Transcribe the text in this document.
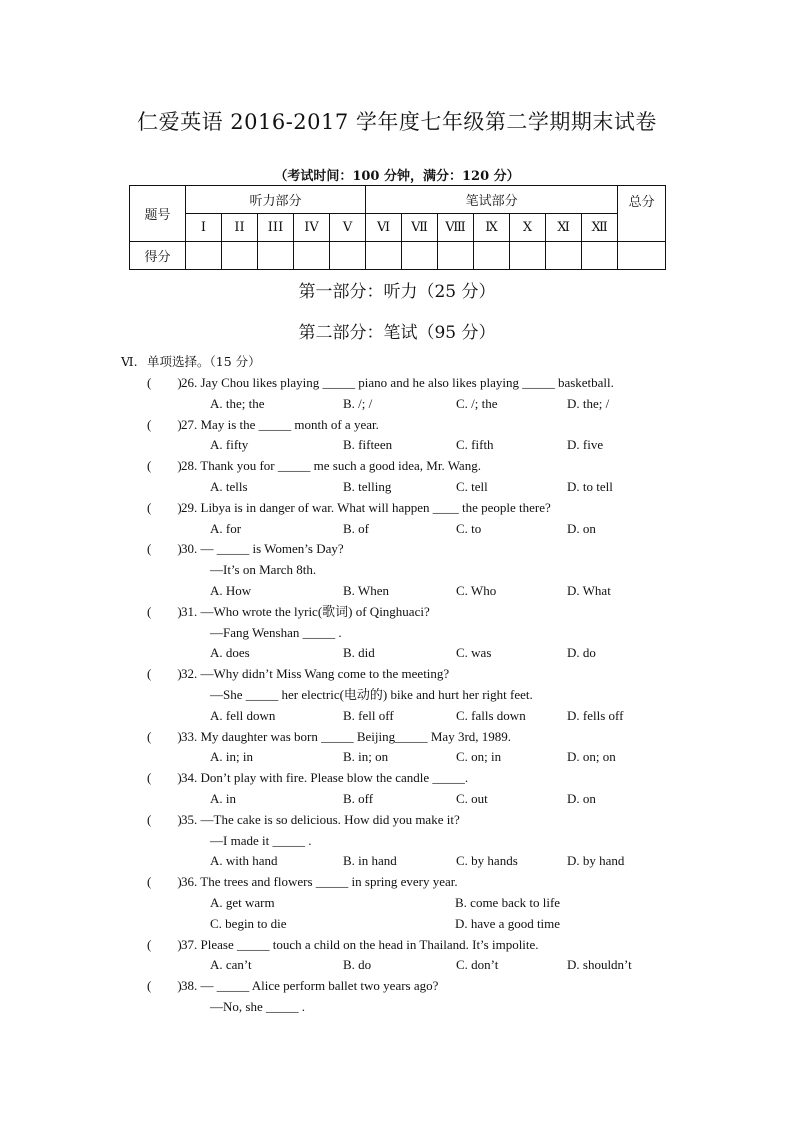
仁爱英语 2016-2017 学年度七年级第二学期期末试卷
（考试时间：100 分钟，满分：120 分）
题号	听力部分					笔试部分							总分
	I	II	III	IV	V	Ⅵ	Ⅶ	Ⅷ	Ⅸ	Ⅹ	Ⅺ	Ⅻ	
得分													
第一部分：听力（25 分）
第二部分：笔试（95 分）
Ⅵ. 单项选择。（15 分）
(　　)26. Jay Chou likes playing _____ piano and he also likes playing _____ basketball.
A. the; the	B. /; /	C. /; the	D. the; /
(　　)27. May is the _____ month of a year.
A. fifty	B. fifteen	C. fifth	D. five
(　　)28. Thank you for _____ me such a good idea, Mr. Wang.
A. tells	B. telling	C. tell	D. to tell
(　　)29. Libya is in danger of war. What will happen ____ the people there?
A. for	B. of	C. to	D. on
(　　)30. — _____ is Women’s Day?
—It’s on March 8th.
A. How	B. When	C. Who	D. What
(　　)31. —Who wrote the lyric(歌词) of Qinghuaci?
—Fang Wenshan _____ .
A. does	B. did	C. was	D. do
(　　)32. —Why didn’t Miss Wang come to the meeting?
—She _____ her electric(电动的) bike and hurt her right feet.
A. fell down	B. fell off	C. falls down	D. fells off
(　　)33. My daughter was born _____ Beijing_____ May 3rd, 1989.
A. in; in	B. in; on	C. on; in	D. on; on
(　　)34. Don’t play with fire. Please blow the candle _____.
A. in	B. off	C. out	D. on
(　　)35. —The cake is so delicious. How did you make it?
—I made it _____ .
A. with hand	B. in hand	C. by hands	D. by hand
(　　)36. The trees and flowers _____ in spring every year.
A. get warm	B. come back to life
C. begin to die	D. have a good time
(　　)37. Please _____ touch a child on the head in Thailand. It’s impolite.
A. can’t	B. do	C. don’t	D. shouldn’t
(　　)38. — _____ Alice perform ballet two years ago?
—No, she _____ .
